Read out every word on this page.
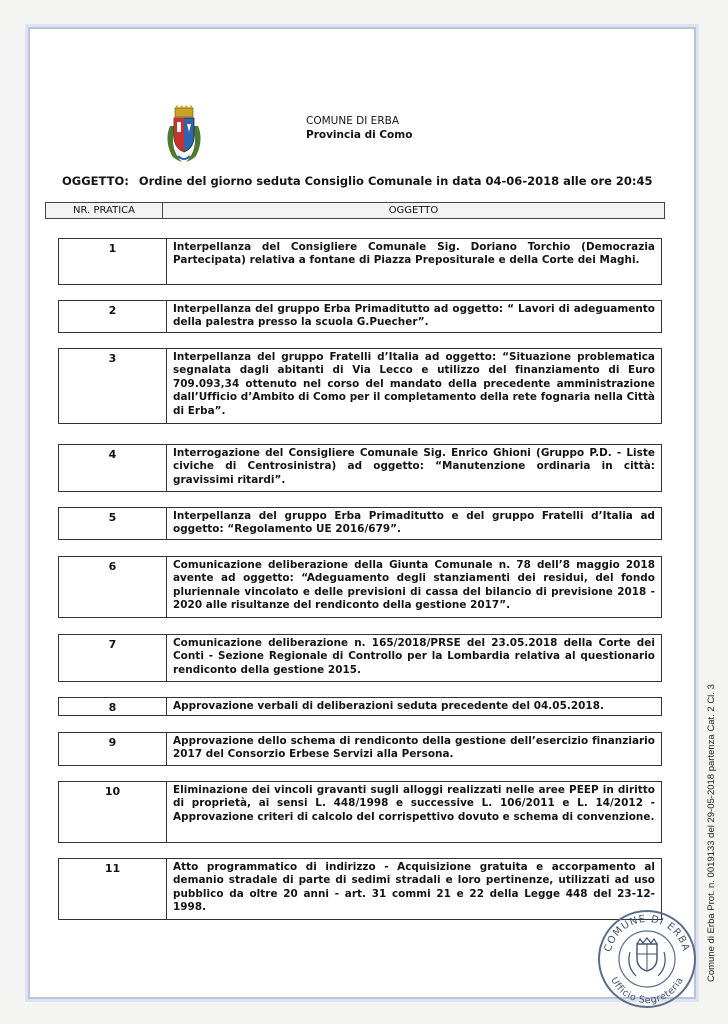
Comune di Erba Prot. n. 0019133 del 29-05-2018 partenza Cat. 2 Cl. 3
COMUNE DI ERBA
Provincia di Como
OGGETTO: Ordine del giorno seduta Consiglio Comunale in data 04-06-2018 alle ore 20:45
NR. PRATICA	OGGETTO
1	Interpellanza del Consigliere Comunale Sig. Doriano Torchio (Democrazia Partecipata) relativa a fontane di Piazza Prepositurale e della Corte dei Maghi.
2	Interpellanza del gruppo Erba Primaditutto ad oggetto: “ Lavori di adeguamento della palestra presso la scuola G.Puecher”.
3	Interpellanza del gruppo Fratelli d’Italia ad oggetto: “Situazione problematica segnalata dagli abitanti di Via Lecco e utilizzo del finanziamento di Euro 709.093,34 ottenuto nel corso del mandato della precedente amministrazione dall’Ufficio d’Ambito di Como per il completamento della rete fognaria nella Città di Erba”.
4	Interrogazione del Consigliere Comunale Sig. Enrico Ghioni (Gruppo P.D. - Liste civiche di Centrosinistra) ad oggetto: “Manutenzione ordinaria in città: gravissimi ritardi”.
5	Interpellanza del gruppo Erba Primaditutto e del gruppo Fratelli d’Italia ad oggetto: “Regolamento UE 2016/679”.
6	Comunicazione deliberazione della Giunta Comunale n. 78 dell’8 maggio 2018 avente ad oggetto: “Adeguamento degli stanziamenti dei residui, del fondo pluriennale vincolato e delle previsioni di cassa del bilancio di previsione 2018 - 2020 alle risultanze del rendiconto della gestione 2017”.
7	Comunicazione deliberazione n. 165/2018/PRSE del 23.05.2018 della Corte dei Conti - Sezione Regionale di Controllo per la Lombardia relativa al questionario rendiconto della gestione 2015.
8	Approvazione verbali di deliberazioni seduta precedente del 04.05.2018.
9	Approvazione dello schema di rendiconto della gestione dell’esercizio finanziario 2017 del Consorzio Erbese Servizi alla Persona.
10	Eliminazione dei vincoli gravanti sugli alloggi realizzati nelle aree PEEP in diritto di proprietà, ai sensi L. 448/1998 e successive L. 106/2011 e L. 14/2012 - Approvazione criteri di calcolo del corrispettivo dovuto e schema di convenzione.
11	Atto programmatico di indirizzo - Acquisizione gratuita e accorpamento al demanio stradale di parte di sedimi stradali e loro pertinenze, utilizzati ad uso pubblico da oltre 20 anni - art. 31 commi 21 e 22 della Legge 448 del 23-12-1998.
COMUNE DI ERBA
Ufficio Segreteria
